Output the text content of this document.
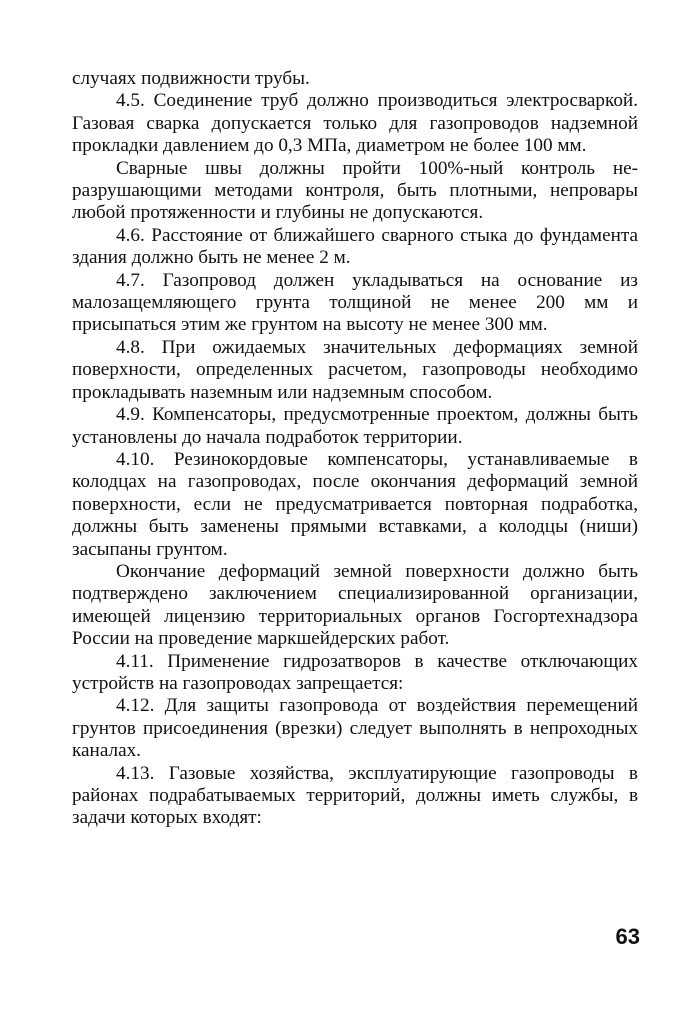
случаях подвижности трубы.

4.5. Соединение труб должно производиться электросваркой. Газовая сварка допускается только для газопроводов надземной прокладки давлением до 0,3 МПа, диаметром не более 100 мм.

Сварные швы должны пройти 100%-ный контроль неразрушающими методами контроля, быть плотными, непровары любой протяженности и глубины не допускаются.

4.6. Расстояние от ближайшего сварного стыка до фундамента здания должно быть не менее 2 м.

4.7. Газопровод должен укладываться на основание из малозащемляющего грунта толщиной не менее 200 мм и присыпаться этим же грунтом на высоту не менее 300 мм.

4.8. При ожидаемых значительных деформациях земной поверхности, определенных расчетом, газопроводы необходимо прокладывать наземным или надземным способом.

4.9. Компенсаторы, предусмотренные проектом, должны быть установлены до начала подработок территории.

4.10. Резинокордовые компенсаторы, устанавливаемые в колодцах на газопроводах, после окончания деформаций земной поверхности, если не предусматривается повторная подработка, должны быть заменены прямыми вставками, а колодцы (ниши) засыпаны грунтом.

Окончание деформаций земной поверхности должно быть подтверждено заключением специализированной организации, имеющей лицензию территориальных органов Госгортехнадзора России на проведение маркшейдерских работ.

4.11. Применение гидрозатворов в качестве отключающих устройств на газопроводах запрещается:

4.12. Для защиты газопровода от воздействия перемещений грунтов присоединения (врезки) следует выполнять в непроходных каналах.

4.13. Газовые хозяйства, эксплуатирующие газопроводы в районах подрабатываемых территорий, должны иметь службы, в задачи которых входят:

63
